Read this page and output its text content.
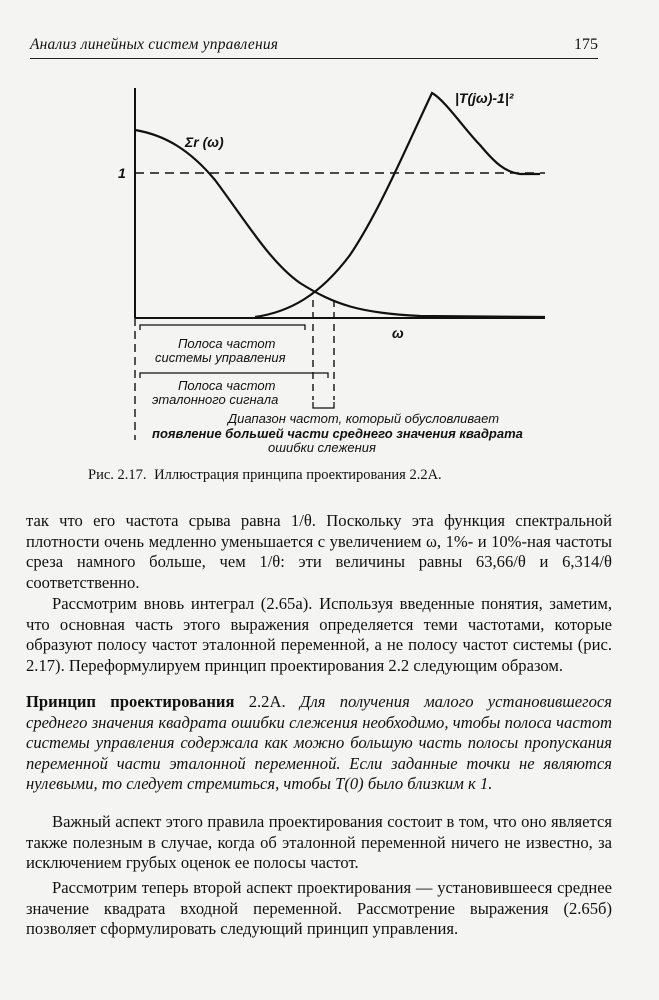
Анализ линейных систем управления	175
Σr (ω)
|T(jω)-1|²
1
ω
Полоса частот
системы управления
Полоса частот
эталонного сигнала
Диапазон частот, который обусловливает
появление большей части среднего значения квадрата
ошибки слежения
Рис. 2.17. Иллюстрация принципа проектирования 2.2А.

так что его частота срыва равна 1/θ. Поскольку эта функция спектральной плотности очень медленно уменьшается с увеличением ω, 1%- и 10%-ная частоты среза намного больше, чем 1/θ: эти величины равны 63,66/θ и 6,314/θ соответственно.

Рассмотрим вновь интеграл (2.65а). Используя введенные понятия, заметим, что основная часть этого выражения определяется теми частотами, которые образуют полосу частот эталонной переменной, а не полосу частот системы (рис. 2.17). Переформулируем принцип проектирования 2.2 следующим образом.

Принцип проектирования 2.2А. Для получения малого установившегося среднего значения квадрата ошибки слежения необходимо, чтобы полоса частот системы управления содержала как можно большую часть полосы пропускания переменной части эталонной переменной. Если заданные точки не являются нулевыми, то следует стремиться, чтобы T(0) было близким к 1.

Важный аспект этого правила проектирования состоит в том, что оно является также полезным в случае, когда об эталонной переменной ничего не известно, за исключением грубых оценок ее полосы частот.

Рассмотрим теперь второй аспект проектирования — установившееся среднее значение квадрата входной переменной. Рассмотрение выражения (2.65б) позволяет сформулировать следующий принцип управления.
